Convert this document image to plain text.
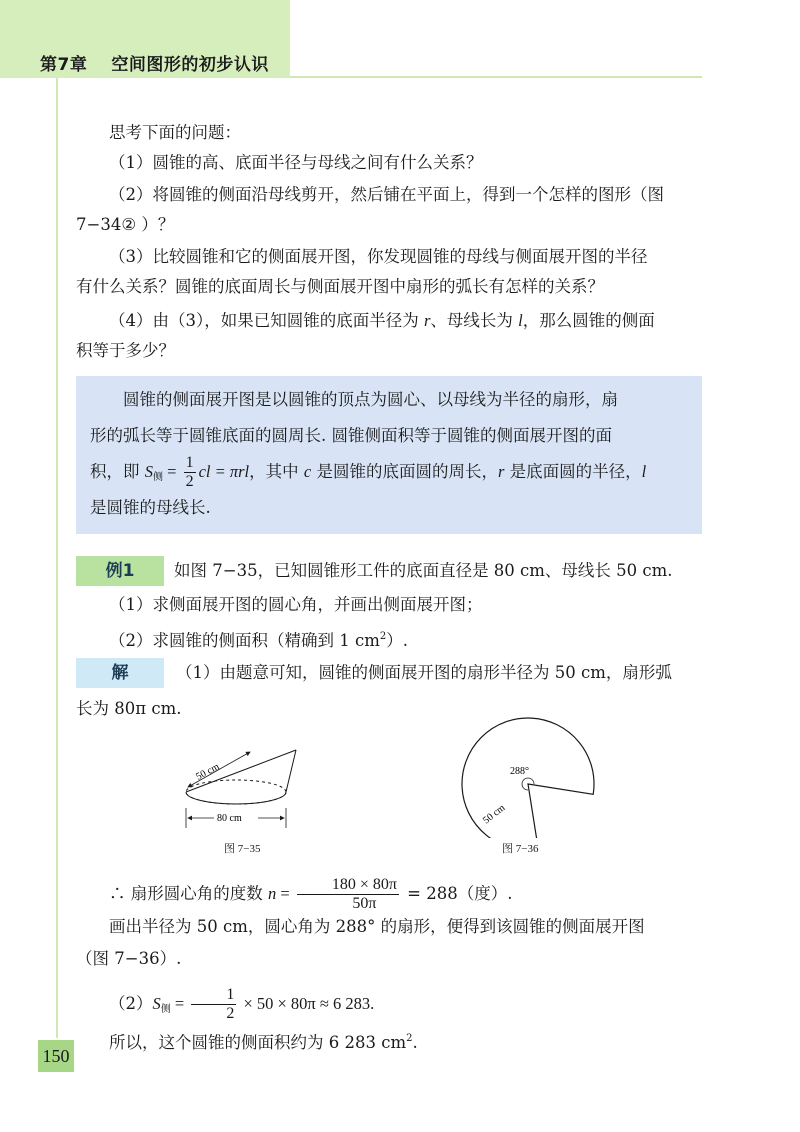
第7章 空间图形的初步认识

思考下面的问题：

（1）圆锥的高、底面半径与母线之间有什么关系？

（2）将圆锥的侧面沿母线剪开，然后铺在平面上，得到一个怎样的图形（图

7−34② ）？

（3）比较圆锥和它的侧面展开图，你发现圆锥的母线与侧面展开图的半径

有什么关系？圆锥的底面周长与侧面展开图中扇形的弧长有怎样的关系？

（4）由（3），如果已知圆锥的底面半径为 r、母线长为 l，那么圆锥的侧面

积等于多少？

圆锥的侧面展开图是以圆锥的顶点为圆心、以母线为半径的扇形，扇

形的弧长等于圆锥底面的圆周长. 圆锥侧面积等于圆锥的侧面展开图的面

积，即 $S_侧 = \frac{1}{2}$ cl = πrl，其中 c 是圆锥的底面圆的周长，r 是底面圆的半径，l

是圆锥的母线长.

例1	如图 7−35，已知圆锥形工件的底面直径是 80 cm、母线长 50 cm.

（1）求侧面展开图的圆心角，并画出侧面展开图；

（2）求圆锥的侧面积（精确到 1 $cm^2$）.

解	（1）由题意可知，圆锥的侧面展开图的扇形半径为 50 cm，扇形弧

长为 80π cm.

50 cm
80 cm
图 7−35
288°
50 cm
图 7−36

∴ 扇形圆心角的度数 $n = \frac{180 \times 80\pi}{50\pi} = 288$（度）.

画出半径为 50 cm，圆心角为 288° 的扇形，便得到该圆锥的侧面展开图

（图 7−36）.

$(2)S_侧 = \frac{1}{2} \times 50 \times 80\pi \approx 6$ 283.

所以，这个圆锥的侧面积约为 6 283 $cm^2$.

150
